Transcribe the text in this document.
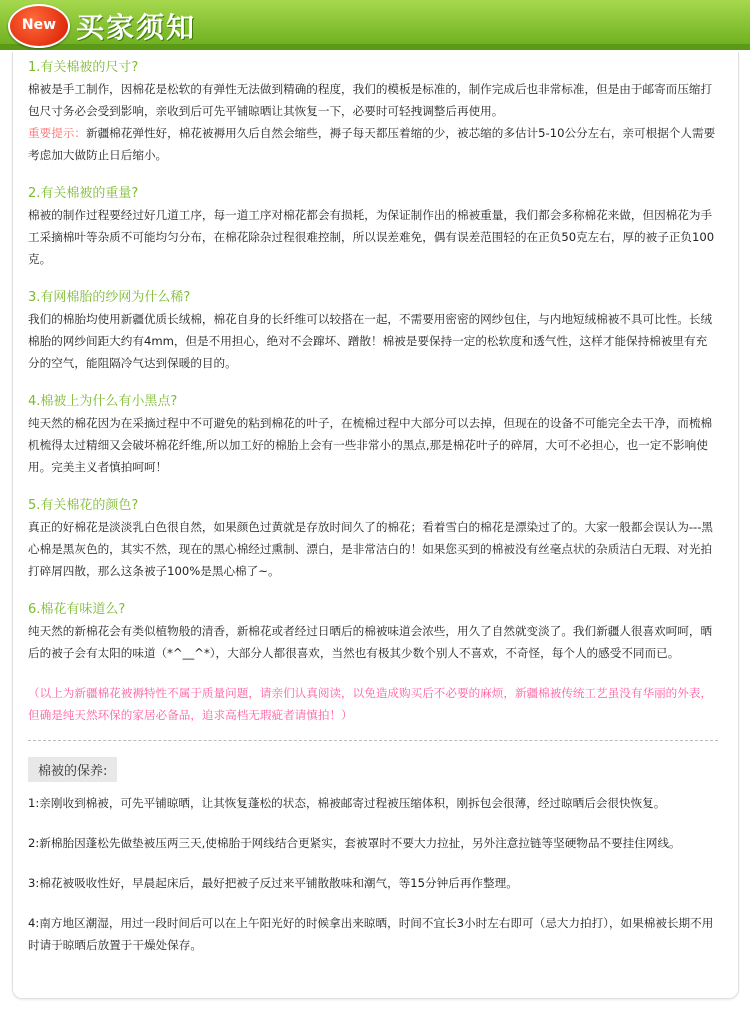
New 买家须知
1.有关棉被的尺寸?

棉被是手工制作，因棉花是松软的有弹性无法做到精确的程度，我们的模板是标准的，制作完成后也非常标准，但是由于邮寄而压缩打包尺寸务必会受到影响，亲收到后可先平铺晾晒让其恢复一下，必要时可轻拽调整后再使用。

重要提示：新疆棉花弹性好，棉花被褥用久后自然会缩些，褥子每天都压着缩的少，被芯缩的多估计5-10公分左右，亲可根据个人需要考虑加大做防止日后缩小。

2.有关棉被的重量?

棉被的制作过程要经过好几道工序，每一道工序对棉花都会有损耗，为保证制作出的棉被重量，我们都会多称棉花来做，但因棉花为手工采摘棉叶等杂质不可能均匀分布，在棉花除杂过程很难控制，所以误差难免，偶有误差范围轻的在正负50克左右，厚的被子正负100克。

3.有网棉胎的纱网为什么稀?

我们的棉胎均使用新疆优质长绒棉，棉花自身的长纤维可以较搭在一起，不需要用密密的网纱包住，与内地短绒棉被不具可比性。长绒棉胎的网纱间距大约有4mm，但是不用担心，绝对不会蹿坏、蹭散！棉被是要保持一定的松软度和透气性，这样才能保持棉被里有充分的空气，能阻隔冷气达到保暖的目的。

4.棉被上为什么有小黑点?

纯天然的棉花因为在采摘过程中不可避免的粘到棉花的叶子，在梳棉过程中大部分可以去掉，但现在的设备不可能完全去干净，而梳棉机梳得太过精细又会破坏棉花纤维,所以加工好的棉胎上会有一些非常小的黑点,那是棉花叶子的碎屑，大可不必担心，也一定不影响使用。完美主义者慎拍呵呵！

5.有关棉花的颜色?

真正的好棉花是淡淡乳白色很自然，如果颜色过黄就是存放时间久了的棉花；看着雪白的棉花是漂染过了的。大家一般都会误认为---黑心棉是黑灰色的，其实不然，现在的黑心棉经过熏制、漂白，是非常洁白的！如果您买到的棉被没有丝毫点状的杂质洁白无瑕、对光拍打碎屑四散，那么这条被子100%是黑心棉了~。

6.棉花有味道么?

纯天然的新棉花会有类似植物般的清香，新棉花或者经过日晒后的棉被味道会浓些，用久了自然就变淡了。我们新疆人很喜欢呵呵，晒后的被子会有太阳的味道（*^__^*），大部分人都很喜欢，当然也有极其少数个别人不喜欢，不奇怪，每个人的感受不同而已。

（以上为新疆棉花被褥特性不属于质量问题，请亲们认真阅读，以免造成购买后不必要的麻烦，新疆棉被传统工艺虽没有华丽的外表，但确是纯天然环保的家居必备品，追求高档无瑕疵者请慎拍！）

棉被的保养:

1:亲刚收到棉被，可先平铺晾晒，让其恢复蓬松的状态，棉被邮寄过程被压缩体积，刚拆包会很薄，经过晾晒后会很快恢复。

2:新棉胎因蓬松先做垫被压两三天,使棉胎于网线结合更紧实，套被罩时不要大力拉扯，另外注意拉链等坚硬物品不要挂住网线。

3:棉花被吸收性好，早晨起床后，最好把被子反过来平铺散散味和潮气，等15分钟后再作整理。

4:南方地区潮湿，用过一段时间后可以在上午阳光好的时候拿出来晾晒，时间不宜长3小时左右即可（忌大力拍打），如果棉被长期不用时请于晾晒后放置于干燥处保存。
